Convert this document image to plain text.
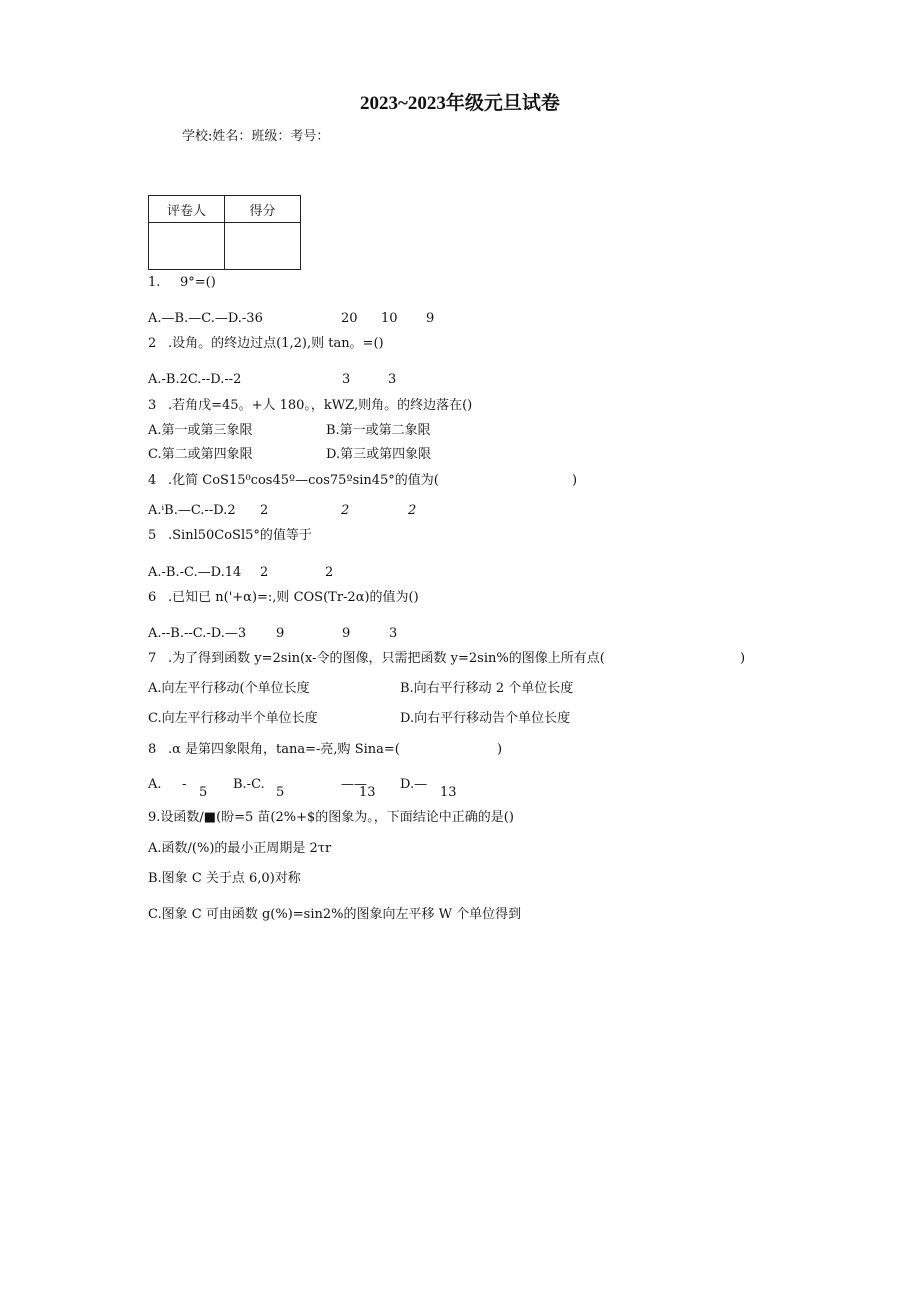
2023~2023年级元旦试卷
学校:姓名：班级：考号：
评卷人	得分

1. 9°=()
A.—B.—C.—D.-36	20 10 9
2 .设角。的终边过点(1,2),则 tan。=()
A.-B.2C.--D.--2	3	3
3 .若角戊=45。+人 180。，kWZ,则角。的终边落在()
A.第一或第三象限	B.第一或第二象限
C.第二或第四象限	D.第三或第四象限
4 .化简 CoS15⁰cos45º—cos75ºsin45°的值为(	)
A.ⁱB.—C.--D.2 2	2	2
5 .Sinl50CoSl5°的值等于
A.-B.-C.—D.14 2	2
6 .已知已 n('+α)=:,则 COS(Tr-2α)的值为()
A.--B.--C.-D.—3 9	9	3
7 .为了得到函数 y=2sin(x-令的图像，只需把函数 y=2sin%的图像上所有点(	)
A.向左平行移动(个单位长度	B.向右平行移动 2 个单位长度
C.向左平行移动半个单位长度	D.向右平行移动告个单位长度
8 .α 是第四象限角，tana=-亮,购 Sina=(	)
A. -
5
B.-C.
5
——
13
D.—
13
9.设函数/■(盼=5 苗(2%+$的图象为。，下面结论中正确的是()
A.函数/(%)的最小正周期是 2τr
B.图象 C 关于点 6,0)对称
C.图象 C 可由函数 g(%)=sin2%的图象向左平移 W 个单位得到
